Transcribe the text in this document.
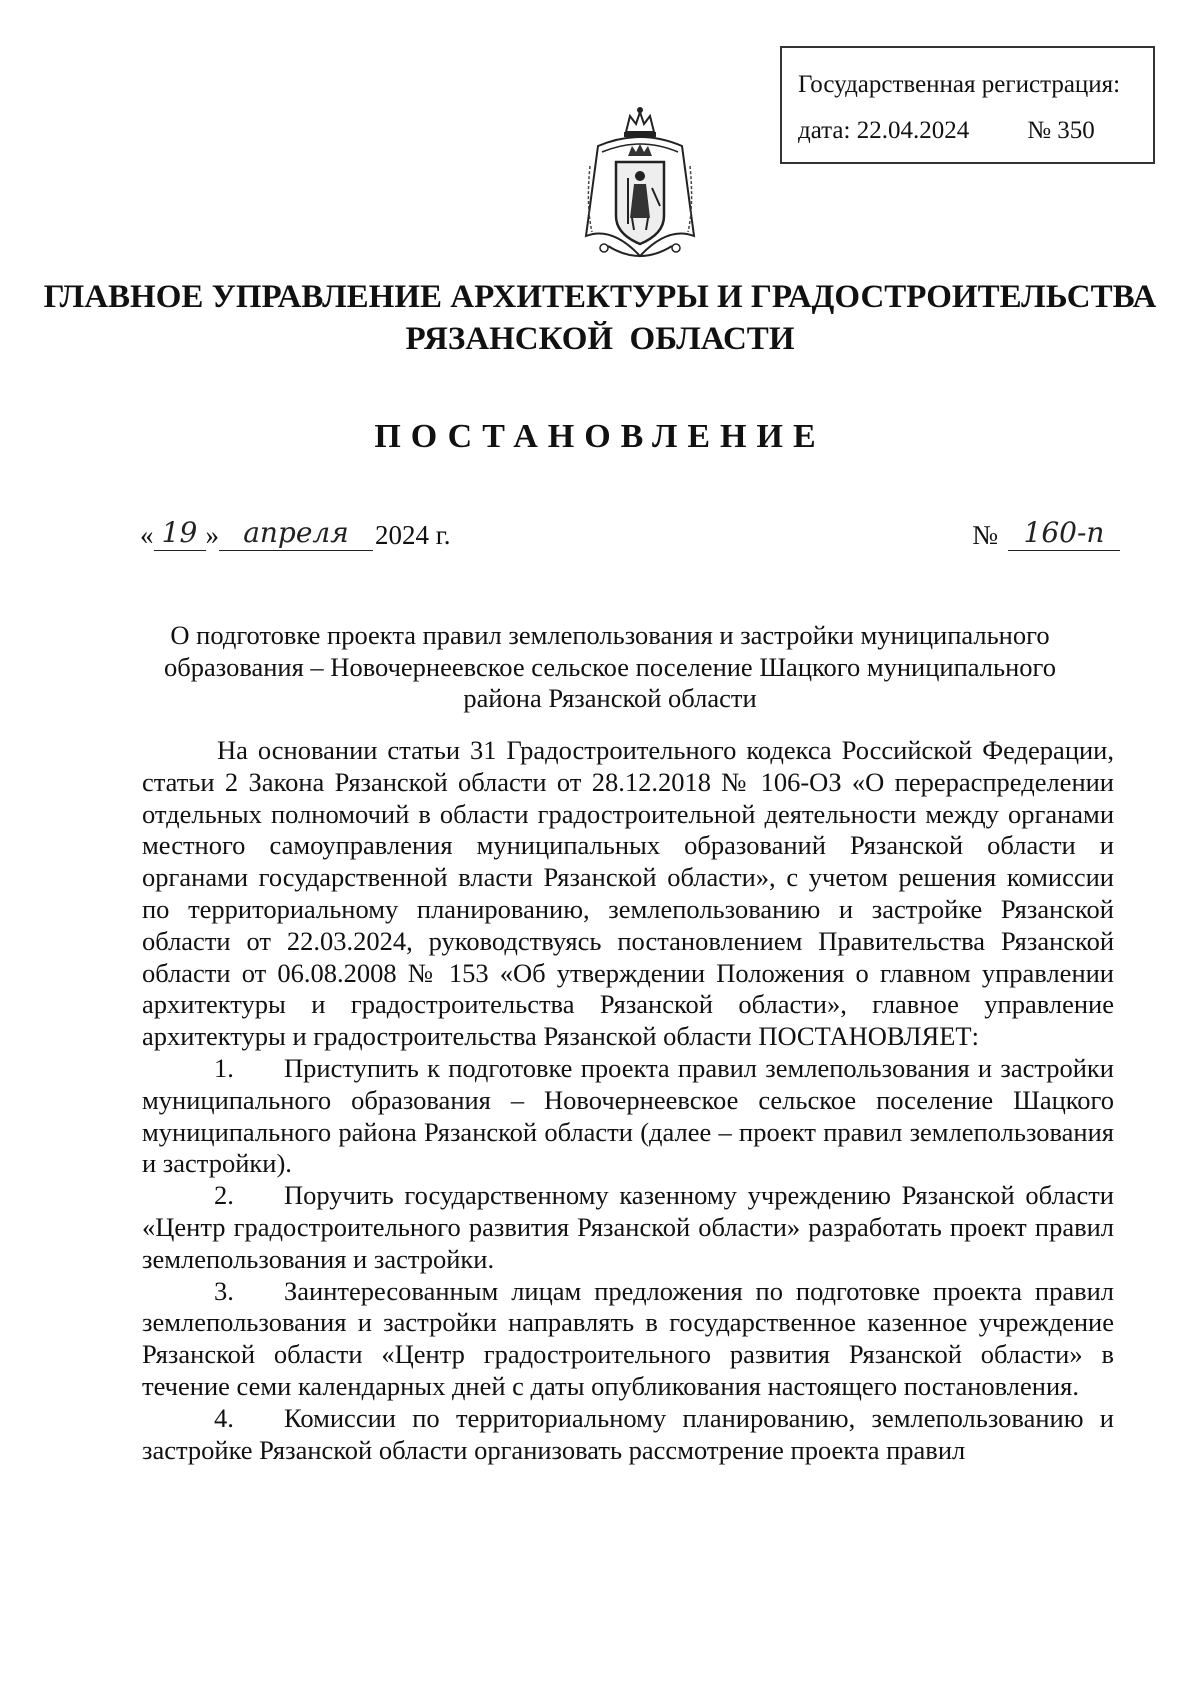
Государственная регистрация:
дата: 22.04.2024 № 350
ГЛАВНОЕ УПРАВЛЕНИЕ АРХИТЕКТУРЫ И ГРАДОСТРОИТЕЛЬСТВА
РЯЗАНСКОЙ  ОБЛАСТИ
ПОСТАНОВЛЕНИЕ
« 19 » апреля 2024 г.	№ 160-п
О подготовке проекта правил землепользования и застройки муниципального образования – Новочернеевское сельское поселение Шацкого муниципального района Рязанской области

На основании статьи 31 Градостроительного кодекса Российской Федерации, статьи 2 Закона Рязанской области от 28.12.2018 № 106-ОЗ «О перераспределении отдельных полномочий в области градостроительной деятельности между органами местного самоуправления муниципальных образований Рязанской области и органами государственной власти Рязанской области», с учетом решения комиссии по территориальному планированию, землепользованию и застройке Рязанской области от 22.03.2024, руководствуясь постановлением Правительства Рязанской области от 06.08.2008 № 153 «Об утверждении Положения о главном управлении архитектуры и градостроительства Рязанской области», главное управление архитектуры и градостроительства Рязанской области ПОСТАНОВЛЯЕТ:

1. Приступить к подготовке проекта правил землепользования и застройки муниципального образования – Новочернеевское сельское поселение Шацкого муниципального района Рязанской области (далее – проект правил землепользования и застройки).

2. Поручить государственному казенному учреждению Рязанской области «Центр градостроительного развития Рязанской области» разработать проект правил землепользования и застройки.

3. Заинтересованным лицам предложения по подготовке проекта правил землепользования и застройки направлять в государственное казенное учреждение Рязанской области «Центр градостроительного развития Рязанской области» в течение семи календарных дней с даты опубликования настоящего постановления.

4. Комиссии по территориальному планированию, землепользованию и застройке Рязанской области организовать рассмотрение проекта правил
